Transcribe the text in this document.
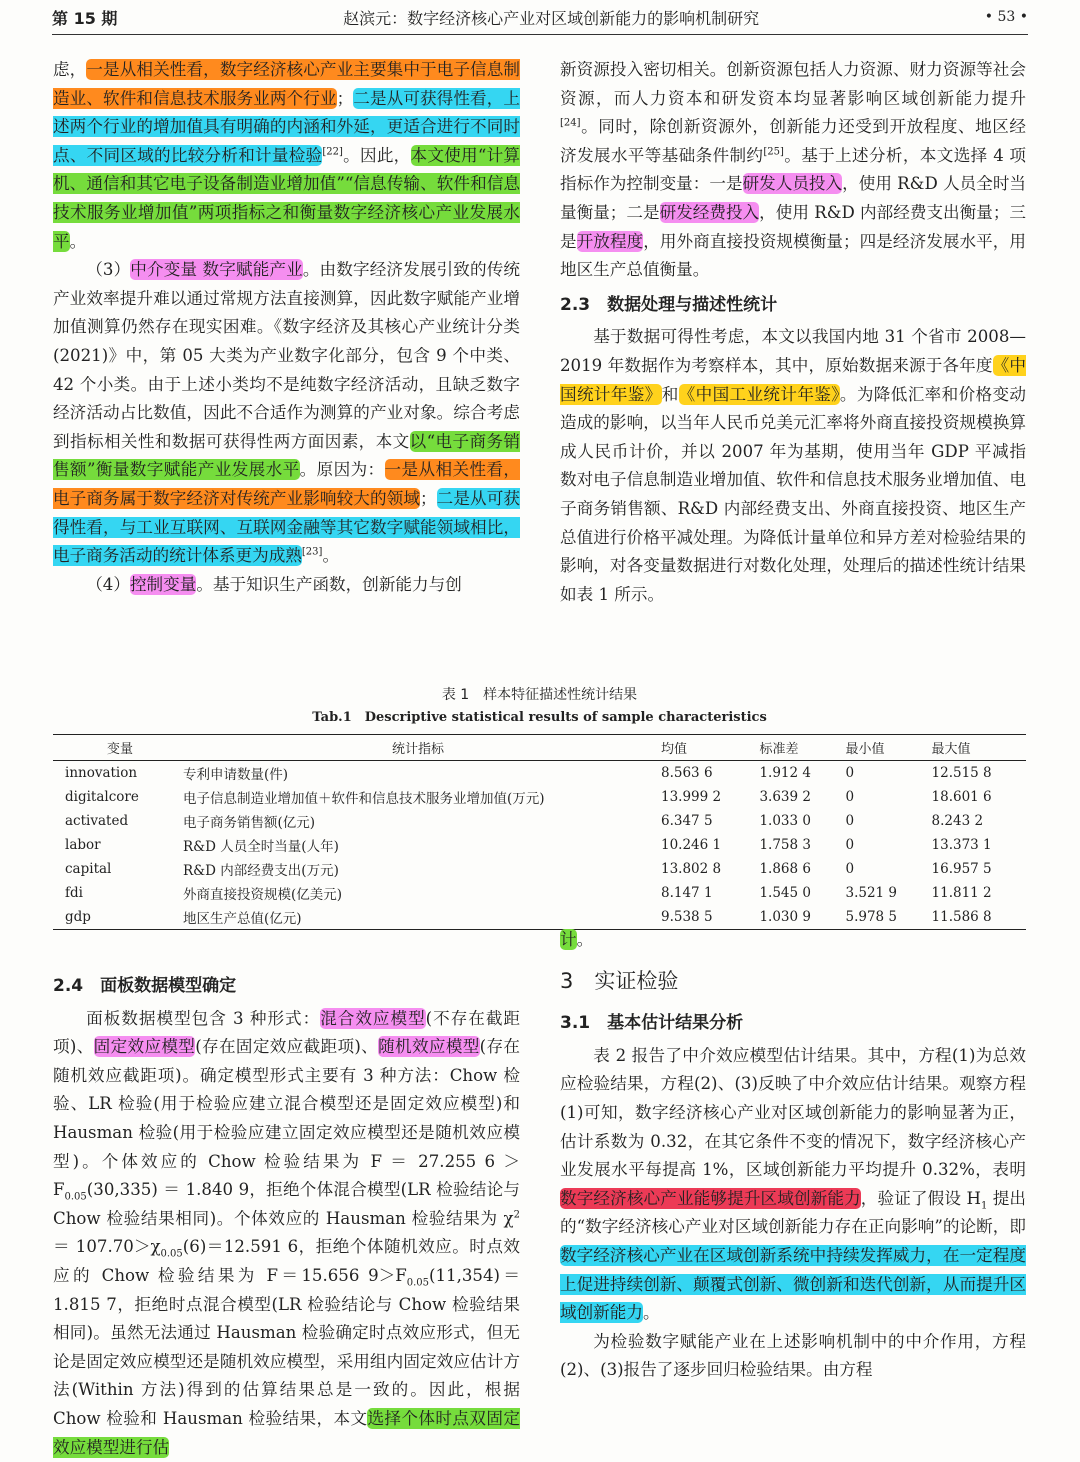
第 15 期	赵滨元：数字经济核心产业对区域创新能力的影响机制研究	• 53 •

虑，一是从相关性看，数字经济核心产业主要集中于电子信息制造业、软件和信息技术服务业两个行业；二是从可获得性看，上述两个行业的增加值具有明确的内涵和外延，更适合进行不同时点、不同区域的比较分析和计量检验[22]。因此，本文使用“计算机、通信和其它电子设备制造业增加值”“信息传输、软件和信息技术服务业增加值”两项指标之和衡量数字经济核心产业发展水平。

（3）中介变量 数字赋能产业。由数字经济发展引致的传统产业效率提升难以通过常规方法直接测算，因此数字赋能产业增加值测算仍然存在现实困难。《数字经济及其核心产业统计分类(2021)》中，第 05 大类为产业数字化部分，包含 9 个中类、42 个小类。由于上述小类均不是纯数字经济活动，且缺乏数字经济活动占比数值，因此不合适作为测算的产业对象。综合考虑到指标相关性和数据可获得性两方面因素，本文以“电子商务销售额”衡量数字赋能产业发展水平。原因为：一是从相关性看，电子商务属于数字经济对传统产业影响较大的领域；二是从可获得性看，与工业互联网、互联网金融等其它数字赋能领域相比，电子商务活动的统计体系更为成熟[23]。

（4）控制变量。基于知识生产函数，创新能力与创

新资源投入密切相关。创新资源包括人力资源、财力资源等社会资源，而人力资本和研发资本均显著影响区域创新能力提升[24]。同时，除创新资源外，创新能力还受到开放程度、地区经济发展水平等基础条件制约[25]。基于上述分析，本文选择 4 项指标作为控制变量：一是研发人员投入，使用 R&D 人员全时当量衡量；二是研发经费投入，使用 R&D 内部经费支出衡量；三是开放程度，用外商直接投资规模衡量；四是经济发展水平，用地区生产总值衡量。

2.3　数据处理与描述性统计

基于数据可得性考虑，本文以我国内地 31 个省市 2008—2019 年数据作为考察样本，其中，原始数据来源于各年度《中国统计年鉴》和《中国工业统计年鉴》。为降低汇率和价格变动造成的影响，以当年人民币兑美元汇率将外商直接投资规模换算成人民币计价，并以 2007 年为基期，使用当年 GDP 平减指数对电子信息制造业增加值、软件和信息技术服务业增加值、电子商务销售额、R&D 内部经费支出、外商直接投资、地区生产总值进行价格平减处理。为降低计量单位和异方差对检验结果的影响，对各变量数据进行对数化处理，处理后的描述性统计结果如表 1 所示。

表 1　样本特征描述性统计结果
Tab.1　Descriptive statistical results of sample characteristics
变量	统计指标	均值	标准差	最小值	最大值
innovation	专利申请数量(件)	8.563 6	1.912 4	0	12.515 8
digitalcore	电子信息制造业增加值＋软件和信息技术服务业增加值(万元)	13.999 2	3.639 2	0	18.601 6
activated	电子商务销售额(亿元)	6.347 5	1.033 0	0	8.243 2
labor	R&D 人员全时当量(人年)	10.246 1	1.758 3	0	13.373 1
capital	R&D 内部经费支出(万元)	13.802 8	1.868 6	0	16.957 5
fdi	外商直接投资规模(亿美元)	8.147 1	1.545 0	3.521 9	11.811 2
gdp	地区生产总值(亿元)	9.538 5	1.030 9	5.978 5	11.586 8
2.4　面板数据模型确定

面板数据模型包含 3 种形式：混合效应模型(不存在截距项)、固定效应模型(存在固定效应截距项)、随机效应模型(存在随机效应截距项)。确定模型形式主要有 3 种方法：Chow 检验、LR 检验(用于检验应建立混合模型还是固定效应模型)和 Hausman 检验(用于检验应建立固定效应模型还是随机效应模型)。个体效应的 Chow 检验结果为 F ＝ 27.255 $6 > F_{0.05}(30,335) = 1.840$ 9，拒绝个体混合模型(LR 检验结论与 Chow 检验结果相同)。个体效应的 Hausman 检验结果为 $\chi^2 = 107.70>\chi_{0.05}(6)=12.591$ 6，拒绝个体随机效应。时点效应的 Chow 检验结果为 F＝15.656 $9>F_{0.05}(11,354)=1.815$ 7，拒绝时点混合模型(LR 检验结论与 Chow 检验结果相同)。虽然无法通过 Hausman 检验确定时点效应形式，但无论是固定效应模型还是随机效应模型，采用组内固定效应估计方法(Within 方法)得到的估算结果总是一致的。因此，根据 Chow 检验和 Hausman 检验结果，本文选择个体时点双固定效应模型进行估

计。

3　实证检验
3.1　基本估计结果分析

表 2 报告了中介效应模型估计结果。其中，方程(1)为总效应检验结果，方程(2)、(3)反映了中介效应估计结果。观察方程(1)可知，数字经济核心产业对区域创新能力的影响显著为正，估计系数为 0.32，在其它条件不变的情况下，数字经济核心产业发展水平每提高 1%，区域创新能力平均提升 0.32%，表明数字经济核心产业能够提升区域创新能力，验证了假设 $H_1$ 提出的“数字经济核心产业对区域创新能力存在正向影响”的论断，即数字经济核心产业在区域创新系统中持续发挥威力，在一定程度上促进持续创新、颠覆式创新、微创新和迭代创新，从而提升区域创新能力。

为检验数字赋能产业在上述影响机制中的中介作用，方程(2)、(3)报告了逐步回归检验结果。由方程
